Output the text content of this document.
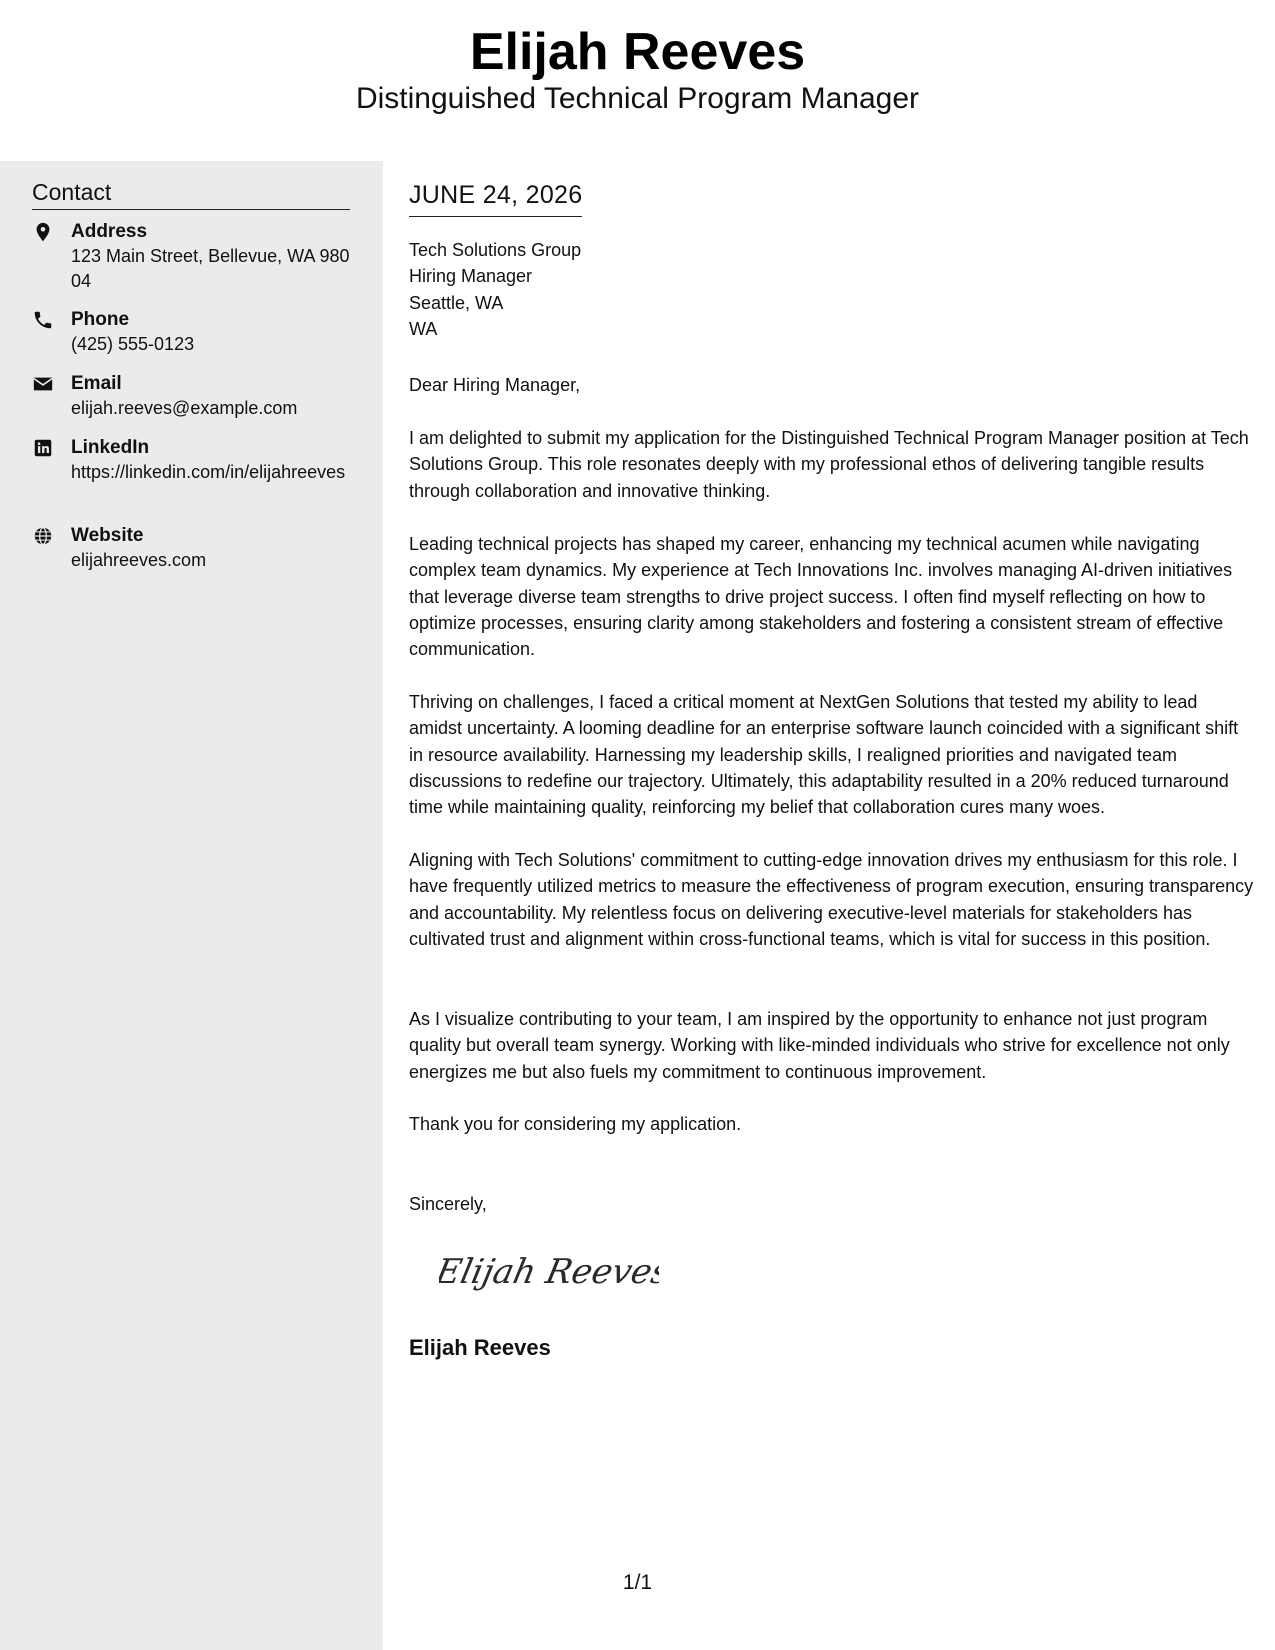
Elijah Reeves
Distinguished Technical Program Manager
Contact
Address
123 Main Street, Bellevue, WA 98004
Phone
(425) 555-0123
Email
elijah.reeves@example.com
LinkedIn
https://linkedin.com/in/elijahreeves
Website
elijahreeves.com
JUNE 24, 2026
Tech Solutions Group
Hiring Manager
Seattle, WA
WA
Dear Hiring Manager,
I am delighted to submit my application for the Distinguished Technical Program Manager position at Tech Solutions Group. This role resonates deeply with my professional ethos of delivering tangible results through collaboration and innovative thinking.
Leading technical projects has shaped my career, enhancing my technical acumen while navigating complex team dynamics. My experience at Tech Innovations Inc. involves managing AI-driven initiatives that leverage diverse team strengths to drive project success. I often find myself reflecting on how to optimize processes, ensuring clarity among stakeholders and fostering a consistent stream of effective communication.
Thriving on challenges, I faced a critical moment at NextGen Solutions that tested my ability to lead amidst uncertainty. A looming deadline for an enterprise software launch coincided with a significant shift in resource availability. Harnessing my leadership skills, I realigned priorities and navigated team discussions to redefine our trajectory. Ultimately, this adaptability resulted in a 20% reduced turnaround time while maintaining quality, reinforcing my belief that collaboration cures many woes.
Aligning with Tech Solutions' commitment to cutting-edge innovation drives my enthusiasm for this role. I have frequently utilized metrics to measure the effectiveness of program execution, ensuring transparency and accountability. My relentless focus on delivering executive-level materials for stakeholders has cultivated trust and alignment within cross-functional teams, which is vital for success in this position.
As I visualize contributing to your team, I am inspired by the opportunity to enhance not just program quality but overall team synergy. Working with like-minded individuals who strive for excellence not only energizes me but also fuels my commitment to continuous improvement.
Thank you for considering my application.
Sincerely,
Elijah Reeves
Elijah Reeves
1/1
